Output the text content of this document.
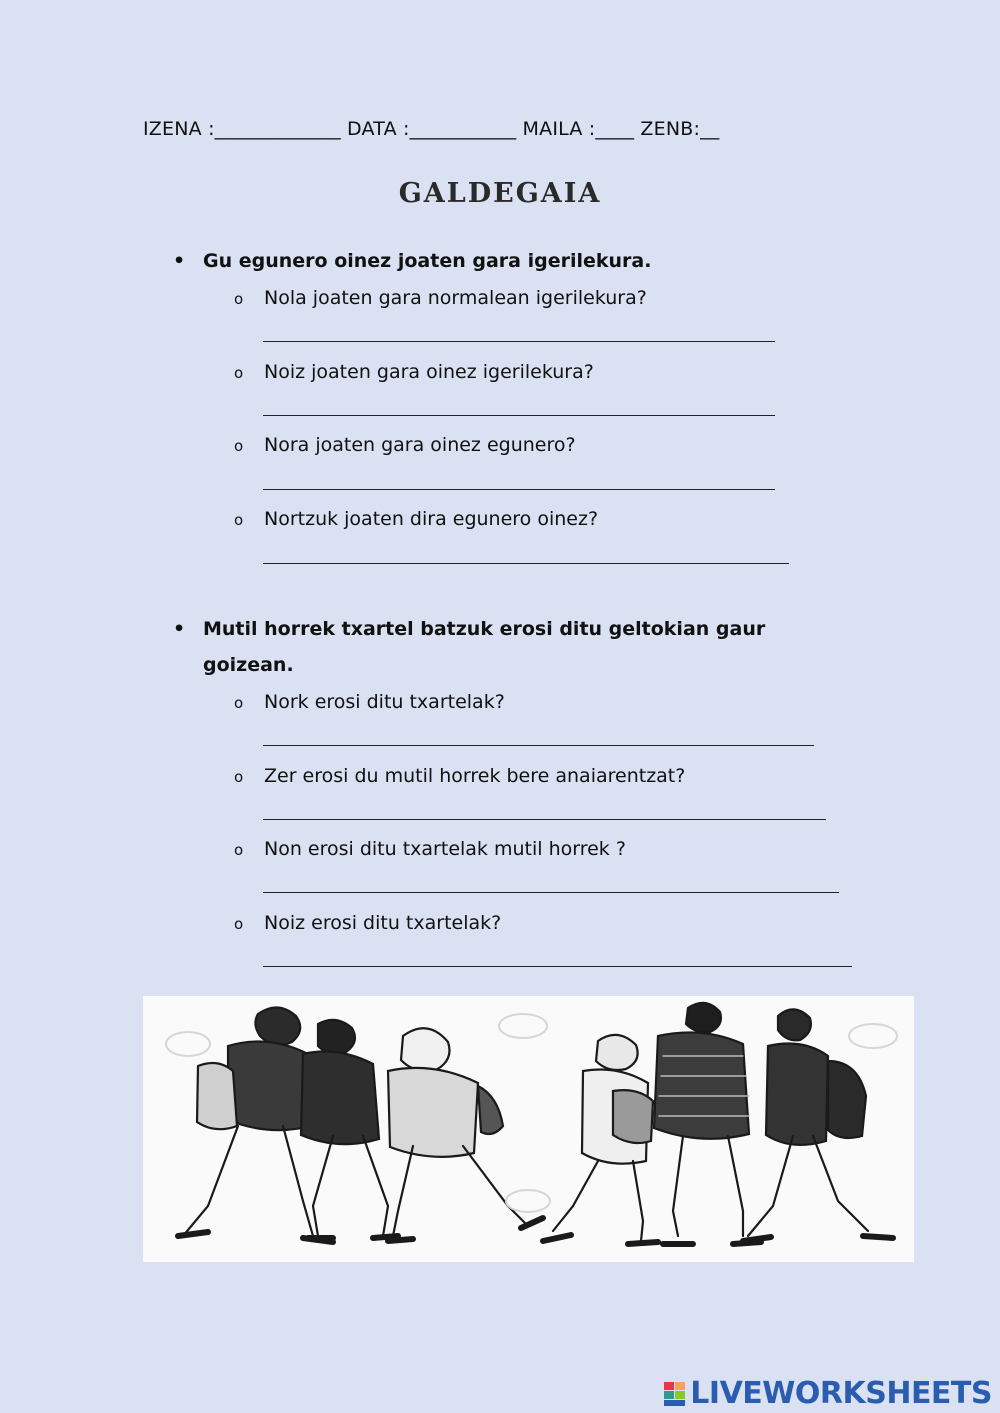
IZENA :_____________ DATA :___________ MAILA :____ ZENB:__
GALDEGAIA
• Gu egunero oinez joaten gara igerilekura.
o Nola joaten gara normalean igerilekura?
o Noiz joaten gara oinez igerilekura?
o Nora joaten gara oinez egunero?
o Nortzuk joaten dira egunero oinez?
• Mutil horrek txartel batzuk erosi ditu geltokian gaur
goizean.
o Nork erosi ditu txartelak?
o Zer erosi du mutil horrek bere anaiarentzat?
o Non erosi ditu txartelak mutil horrek ?
o Noiz erosi ditu txartelak?
LIVEWORKSHEETS
